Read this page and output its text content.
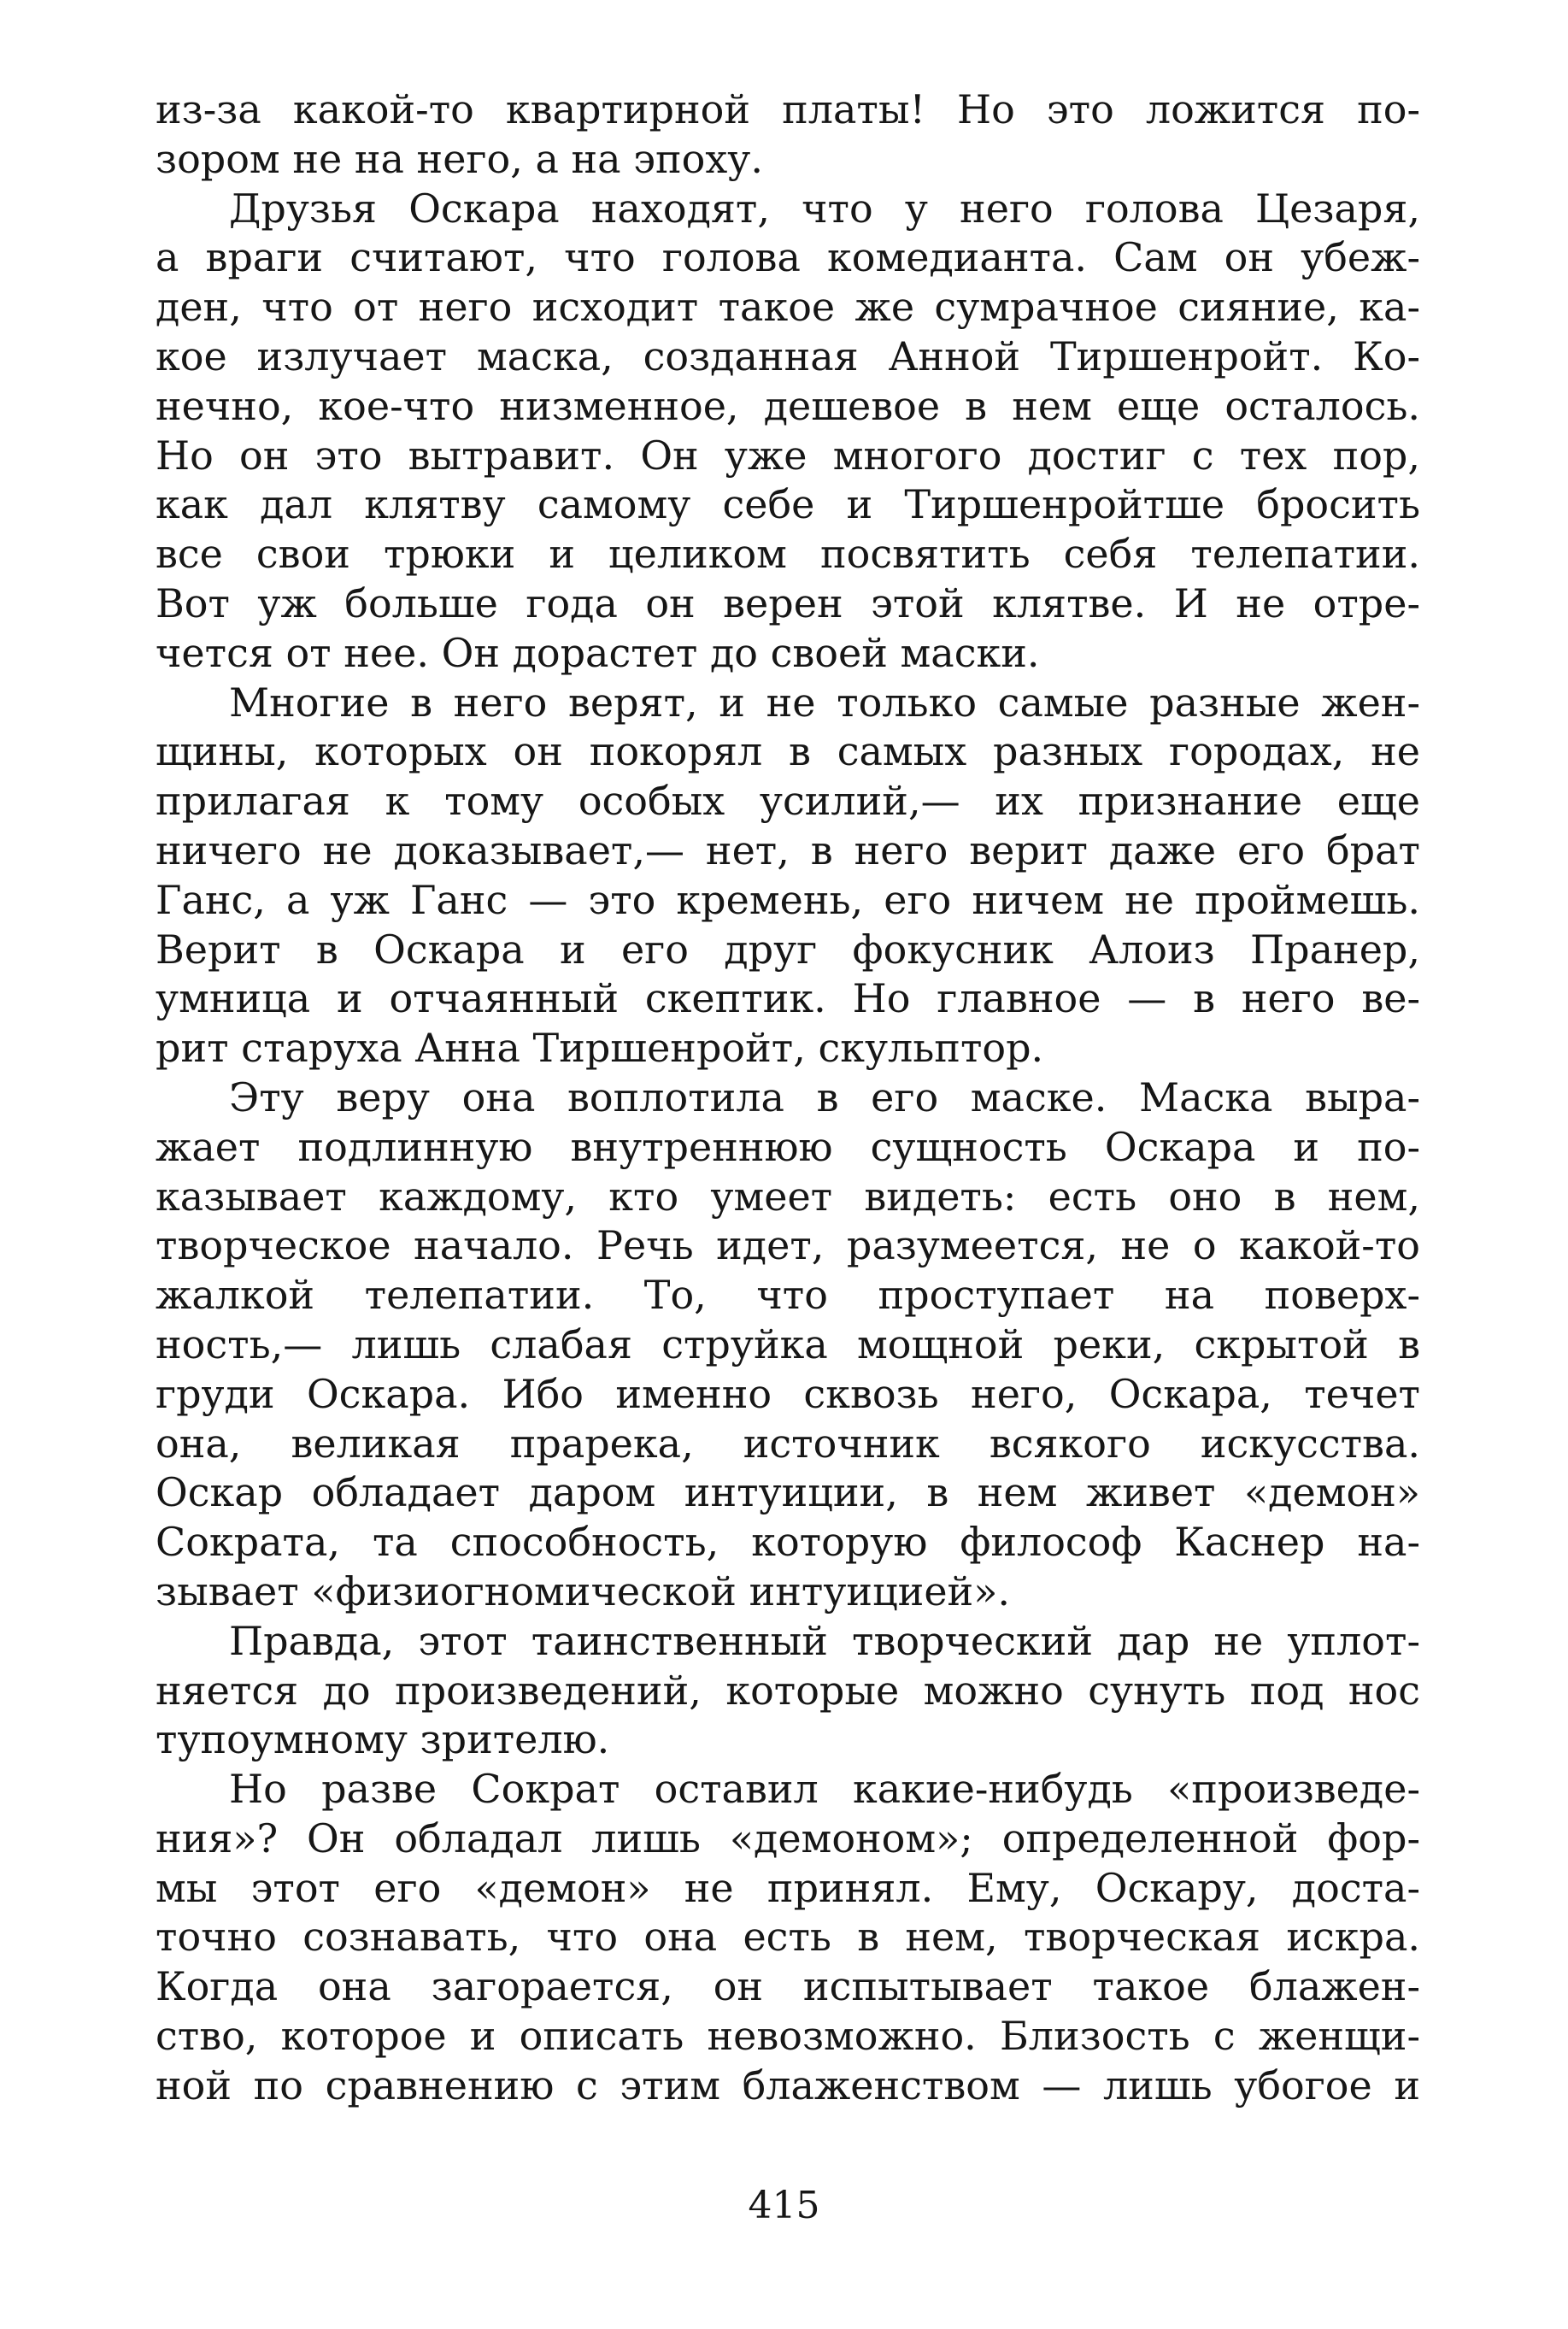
из-за какой-то квартирной платы! Но это ложится по-
зором не на него, а на эпоху.

Друзья Оскара находят, что у него голова Цезаря,
а враги считают, что голова комедианта. Сам он убеж-
ден, что от него исходит такое же сумрачное сияние, ка-
кое излучает маска, созданная Анной Тиршенройт. Ко-
нечно, кое-что низменное, дешевое в нем еще осталось.
Но он это вытравит. Он уже многого достиг с тех пор,
как дал клятву самому себе и Тиршенройтше бросить
все свои трюки и целиком посвятить себя телепатии.
Вот уж больше года он верен этой клятве. И не отре-
чется от нее. Он дорастет до своей маски.

Многие в него верят, и не только самые разные жен-
щины, которых он покорял в самых разных городах, не
прилагая к тому особых усилий,— их признание еще
ничего не доказывает,— нет, в него верит даже его брат
Ганс, а уж Ганс — это кремень, его ничем не проймешь.
Верит в Оскара и его друг фокусник Алоиз Пранер,
умница и отчаянный скептик. Но главное — в него ве-
рит старуха Анна Тиршенройт, скульптор.

Эту веру она воплотила в его маске. Маска выра-
жает подлинную внутреннюю сущность Оскара и по-
казывает каждому, кто умеет видеть: есть оно в нем,
творческое начало. Речь идет, разумеется, не о какой-то
жалкой телепатии. То, что проступает на поверх-
ность,— лишь слабая струйка мощной реки, скрытой в
груди Оскара. Ибо именно сквозь него, Оскара, течет
она, великая прарека, источник всякого искусства.
Оскар обладает даром интуиции, в нем живет «демон»
Сократа, та способность, которую философ Каснер на-
зывает «физиогномической интуицией».

Правда, этот таинственный творческий дар не уплот-
няется до произведений, которые можно сунуть под нос
тупоумному зрителю.

Но разве Сократ оставил какие-нибудь «произведе-
ния»? Он обладал лишь «демоном»; определенной фор-
мы этот его «демон» не принял. Ему, Оскару, доста-
точно сознавать, что она есть в нем, творческая искра.
Когда она загорается, он испытывает такое блажен-
ство, которое и описать невозможно. Близость с женщи-
ной по сравнению с этим блаженством — лишь убогое и

415
